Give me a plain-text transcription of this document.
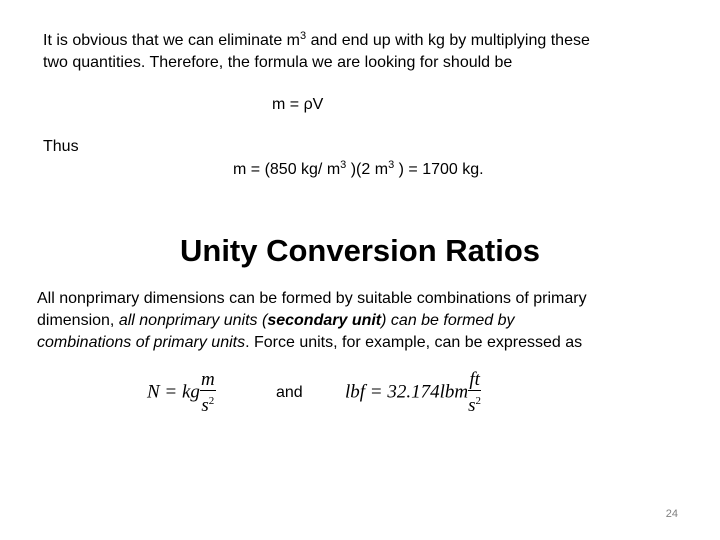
It is obvious that we can eliminate $m^3$ and end up with kg by multiplying these
two quantities. Therefore, the formula we are looking for should be
m = ρV
Thus
m = (850 kg/ $m^3$ )(2 $m^3$ ) = 1700 kg.
Unity Conversion Ratios
All nonprimary dimensions can be formed by suitable combinations of primary
dimension, all nonprimary units (secondary unit) can be formed by
combinations of primary units. Force units, for example, can be expressed as
N = kg $\frac{m}{s^2}$	and lbf = $32.174lbm \frac{ft}{s^2}$
24
